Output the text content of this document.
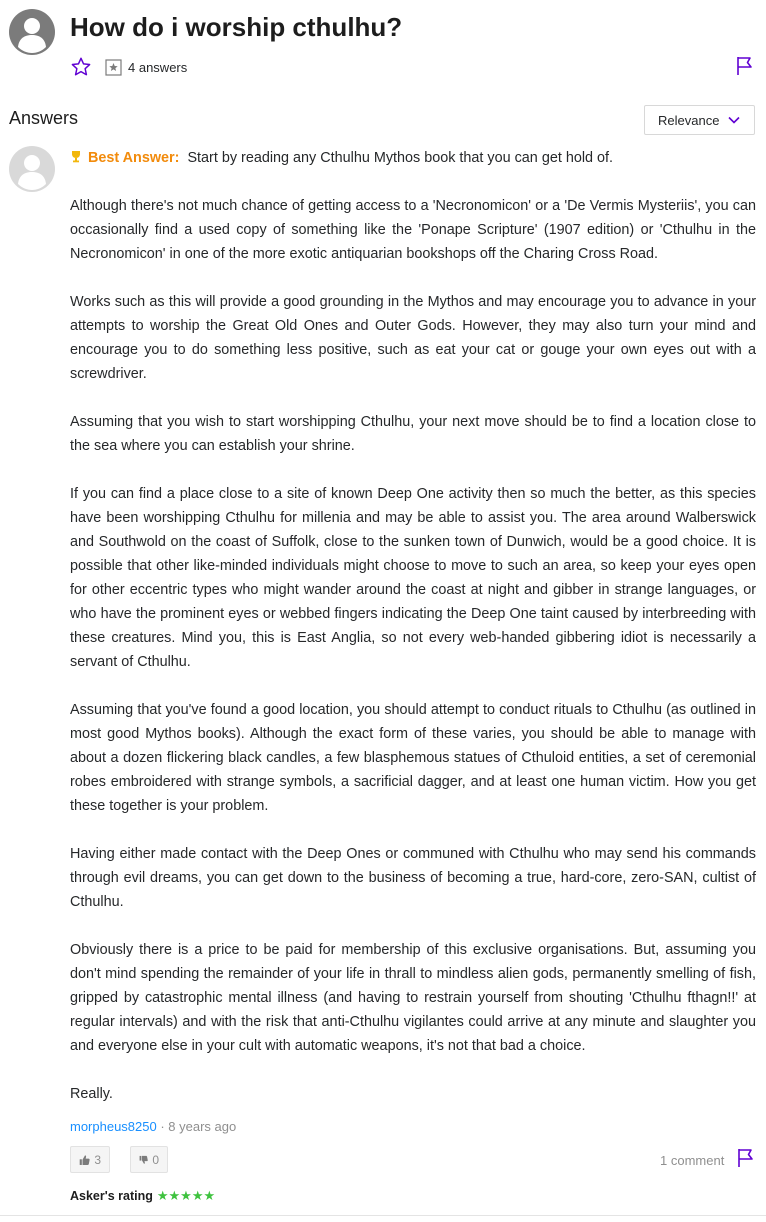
How do i worship cthulhu?
4 answers
Answers	Relevance

Best Answer: Start by reading any Cthulhu Mythos book that you can get hold of.

Although there's not much chance of getting access to a 'Necronomicon' or a 'De Vermis Mysteriis', you can occasionally find a used copy of something like the 'Ponape Scripture' (1907 edition) or 'Cthulhu in the Necronomicon' in one of the more exotic antiquarian bookshops off the Charing Cross Road.

Works such as this will provide a good grounding in the Mythos and may encourage you to advance in your attempts to worship the Great Old Ones and Outer Gods. However, they may also turn your mind and encourage you to do something less positive, such as eat your cat or gouge your own eyes out with a screwdriver.

Assuming that you wish to start worshipping Cthulhu, your next move should be to find a location close to the sea where you can establish your shrine.

If you can find a place close to a site of known Deep One activity then so much the better, as this species have been worshipping Cthulhu for millenia and may be able to assist you. The area around Walberswick and Southwold on the coast of Suffolk, close to the sunken town of Dunwich, would be a good choice. It is possible that other like-minded individuals might choose to move to such an area, so keep your eyes open for other eccentric types who might wander around the coast at night and gibber in strange languages, or who have the prominent eyes or webbed fingers indicating the Deep One taint caused by interbreeding with these creatures. Mind you, this is East Anglia, so not every web-handed gibbering idiot is necessarily a servant of Cthulhu.

Assuming that you've found a good location, you should attempt to conduct rituals to Cthulhu (as outlined in most good Mythos books). Although the exact form of these varies, you should be able to manage with about a dozen flickering black candles, a few blasphemous statues of Cthuloid entities, a set of ceremonial robes embroidered with strange symbols, a sacrificial dagger, and at least one human victim. How you get these together is your problem.

Having either made contact with the Deep Ones or communed with Cthulhu who may send his commands through evil dreams, you can get down to the business of becoming a true, hard-core, zero-SAN, cultist of Cthulhu.

Obviously there is a price to be paid for membership of this exclusive organisations. But, assuming you don't mind spending the remainder of your life in thrall to mindless alien gods, permanently smelling of fish, gripped by catastrophic mental illness (and having to restrain yourself from shouting 'Cthulhu fthagn!!' at regular intervals) and with the risk that anti-Cthulhu vigilantes could arrive at any minute and slaughter you and everyone else in your cult with automatic weapons, it's not that bad a choice.

Really.

morpheus8250 · 8 years ago
3	0	1 comment
Asker's rating ★★★★★
